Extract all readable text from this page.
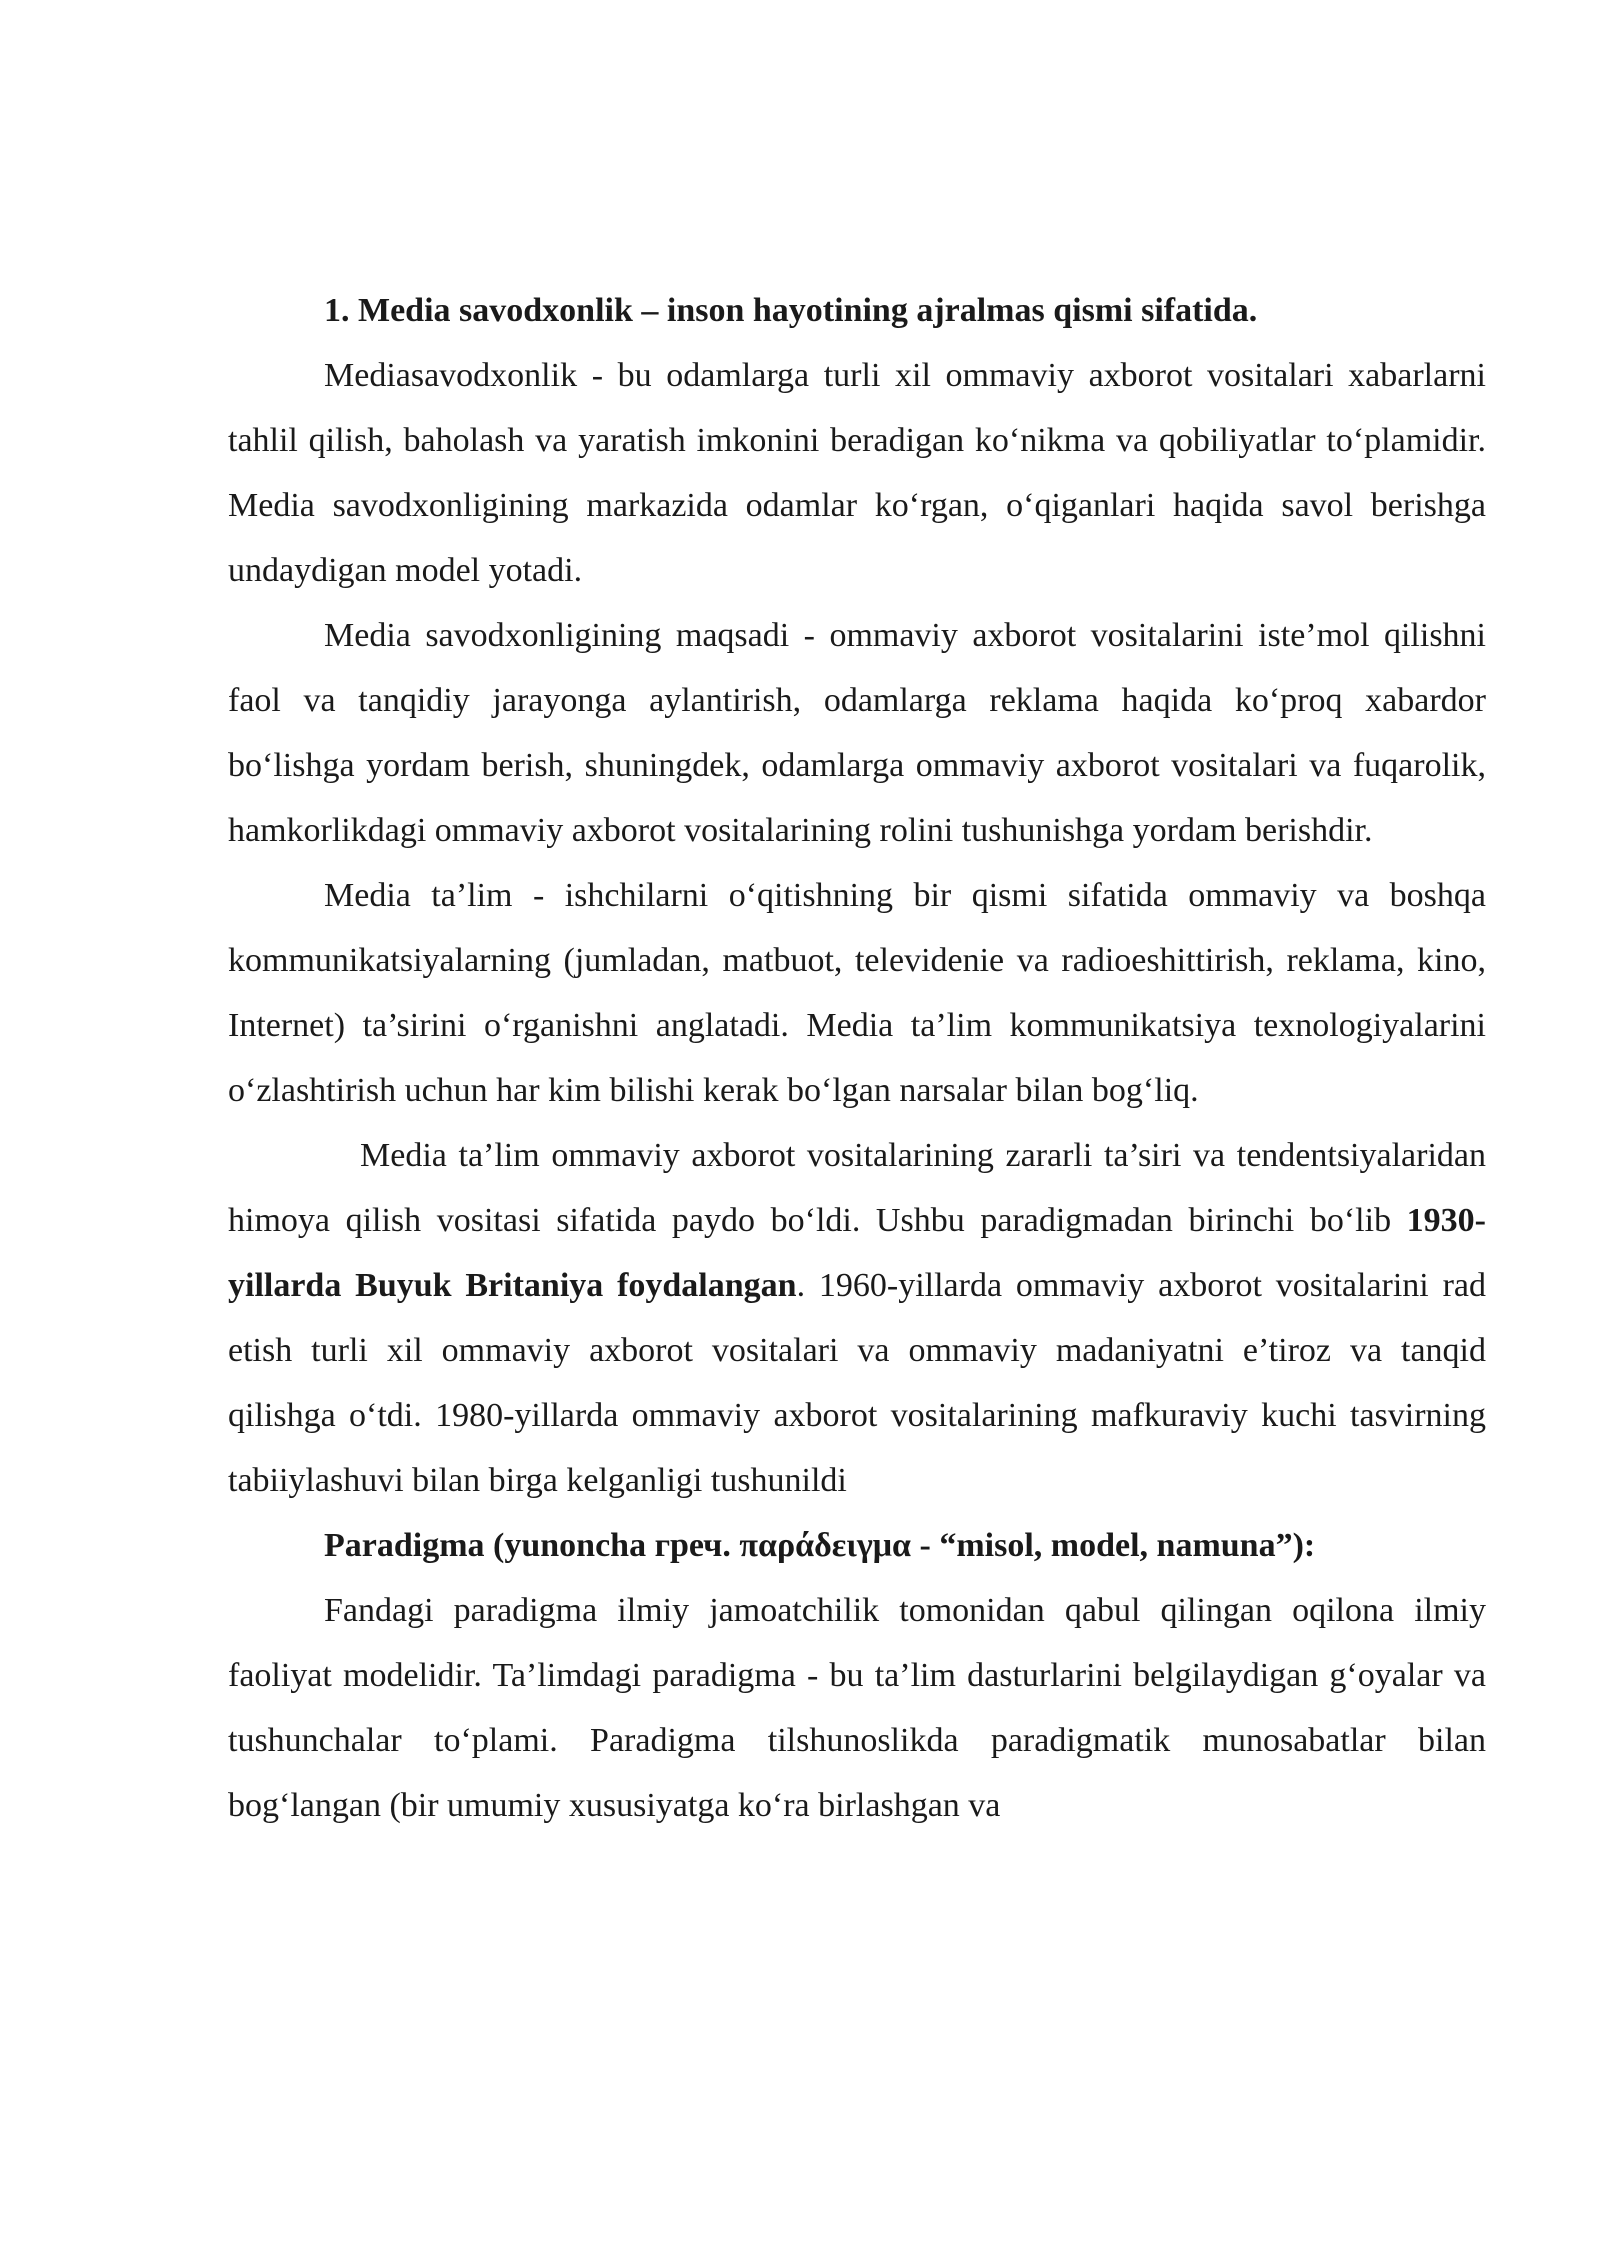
1. Media savodxonlik – inson hayotining ajralmas qismi sifatida.

Mediasavodxonlik - bu odamlarga turli xil ommaviy axborot vositalari xabarlarni tahlil qilish, baholash va yaratish imkonini beradigan ko‘nikma va qobiliyatlar to‘plamidir. Media savodxonligining markazida odamlar ko‘rgan, o‘qiganlari haqida savol berishga undaydigan model yotadi.

Media savodxonligining maqsadi - ommaviy axborot vositalarini iste’mol qilishni faol va tanqidiy jarayonga aylantirish, odamlarga reklama haqida ko‘proq xabardor bo‘lishga yordam berish, shuningdek, odamlarga ommaviy axborot vositalari va fuqarolik, hamkorlikdagi ommaviy axborot vositalarining rolini tushunishga yordam berishdir.

Media ta’lim - ishchilarni o‘qitishning bir qismi sifatida ommaviy va boshqa kommunikatsiyalarning (jumladan, matbuot, televidenie va radioeshittirish, reklama, kino, Internet) ta’sirini o‘rganishni anglatadi. Media ta’lim kommunikatsiya texnologiyalarini o‘zlashtirish uchun har kim bilishi kerak bo‘lgan narsalar bilan bog‘liq.

Media ta’lim ommaviy axborot vositalarining zararli ta’siri va tendentsiyalaridan himoya qilish vositasi sifatida paydo bo‘ldi. Ushbu paradigmadan birinchi bo‘lib 1930-yillarda Buyuk Britaniya foydalangan. 1960-yillarda ommaviy axborot vositalarini rad etish turli xil ommaviy axborot vositalari va ommaviy madaniyatni e’tiroz va tanqid qilishga o‘tdi. 1980-yillarda ommaviy axborot vositalarining mafkuraviy kuchi tasvirning tabiiylashuvi bilan birga kelganligi tushunildi

Paradigma (yunoncha греч. παράδειγμα - “misol, model, namuna”):

Fandagi paradigma ilmiy jamoatchilik tomonidan qabul qilingan oqilona ilmiy faoliyat modelidir. Ta’limdagi paradigma - bu ta’lim dasturlarini belgilaydigan g‘oyalar va tushunchalar to‘plami. Paradigma tilshunoslikda paradigmatik munosabatlar bilan bog‘langan (bir umumiy xususiyatga ko‘ra birlashgan va
